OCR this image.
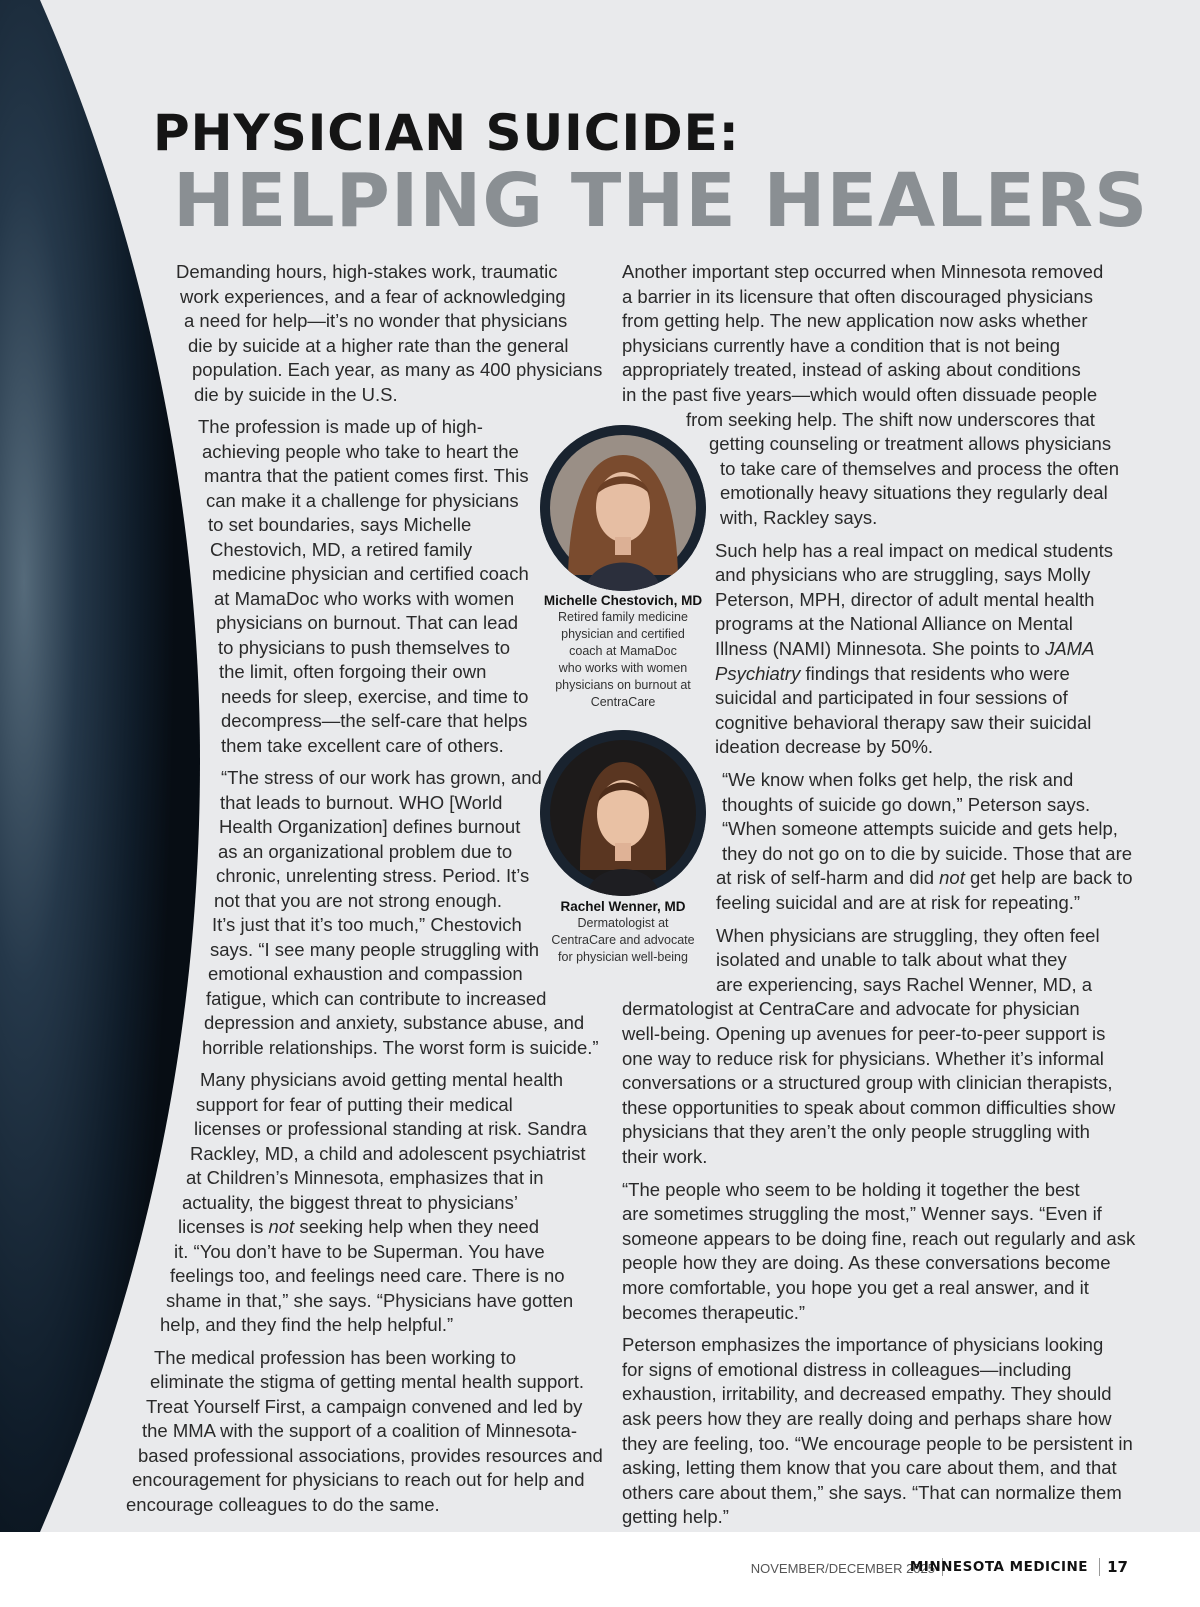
PHYSICIAN SUICIDE:
HELPING THE HEALERS
Demanding hours, high-stakes work, traumatic
work experiences, and a fear of acknowledging
a need for help—it’s no wonder that physicians
die by suicide at a higher rate than the general
population. Each year, as many as 400 physicians
die by suicide in the U.S.
The profession is made up of high-
achieving people who take to heart the
mantra that the patient comes first. This
can make it a challenge for physicians
to set boundaries, says Michelle
Chestovich, MD, a retired family
medicine physician and certified coach
at MamaDoc who works with women
physicians on burnout. That can lead
to physicians to push themselves to
the limit, often forgoing their own
needs for sleep, exercise, and time to
decompress—the self-care that helps
them take excellent care of others.
“The stress of our work has grown, and
that leads to burnout. WHO [World
Health Organization] defines burnout
as an organizational problem due to
chronic, unrelenting stress. Period. It’s
not that you are not strong enough.
It’s just that it’s too much,” Chestovich
says. “I see many people struggling with
emotional exhaustion and compassion
fatigue, which can contribute to increased
depression and anxiety, substance abuse, and
horrible relationships. The worst form is suicide.”
Many physicians avoid getting mental health
support for fear of putting their medical
licenses or professional standing at risk. Sandra
Rackley, MD, a child and adolescent psychiatrist
at Children’s Minnesota, emphasizes that in
actuality, the biggest threat to physicians’
licenses is not seeking help when they need
it. “You don’t have to be Superman. You have
feelings too, and feelings need care. There is no
shame in that,” she says. “Physicians have gotten
help, and they find the help helpful.”
The medical profession has been working to
eliminate the stigma of getting mental health support.
Treat Yourself First, a campaign convened and led by
the MMA with the support of a coalition of Minnesota-
based professional associations, provides resources and
encouragement for physicians to reach out for help and
encourage colleagues to do the same.
Another important step occurred when Minnesota removed
a barrier in its licensure that often discouraged physicians
from getting help. The new application now asks whether
physicians currently have a condition that is not being
appropriately treated, instead of asking about conditions
in the past five years—which would often dissuade people
from seeking help. The shift now underscores that
getting counseling or treatment allows physicians
to take care of themselves and process the often
emotionally heavy situations they regularly deal
with, Rackley says.
Such help has a real impact on medical students
and physicians who are struggling, says Molly
Peterson, MPH, director of adult mental health
programs at the National Alliance on Mental
Illness (NAMI) Minnesota. She points to JAMA
Psychiatry findings that residents who were
suicidal and participated in four sessions of
cognitive behavioral therapy saw their suicidal
ideation decrease by 50%.
“We know when folks get help, the risk and
thoughts of suicide go down,” Peterson says.
“When someone attempts suicide and gets help,
they do not go on to die by suicide. Those that are
at risk of self-harm and did not get help are back to
feeling suicidal and are at risk for repeating.”
When physicians are struggling, they often feel
isolated and unable to talk about what they
are experiencing, says Rachel Wenner, MD, a
dermatologist at CentraCare and advocate for physician
well-being. Opening up avenues for peer-to-peer support is
one way to reduce risk for physicians. Whether it’s informal
conversations or a structured group with clinician therapists,
these opportunities to speak about common difficulties show
physicians that they aren’t the only people struggling with
their work.
“The people who seem to be holding it together the best
are sometimes struggling the most,” Wenner says. “Even if
someone appears to be doing fine, reach out regularly and ask
people how they are doing. As these conversations become
more comfortable, you hope you get a real answer, and it
becomes therapeutic.”
Peterson emphasizes the importance of physicians looking
for signs of emotional distress in colleagues—including
exhaustion, irritability, and decreased empathy. They should
ask peers how they are really doing and perhaps share how
they are feeling, too. “We encourage people to be persistent in
asking, letting them know that you care about them, and that
others care about them,” she says. “That can normalize them
getting help.”
Michelle Chestovich, MD
Retired family medicine
physician and certified
coach at MamaDoc
who works with women
physicians on burnout at
CentraCare
Rachel Wenner, MD
Dermatologist at
CentraCare and advocate
for physician well-being
NOVEMBER/DECEMBER 2025
MINNESOTA MEDICINE 17
